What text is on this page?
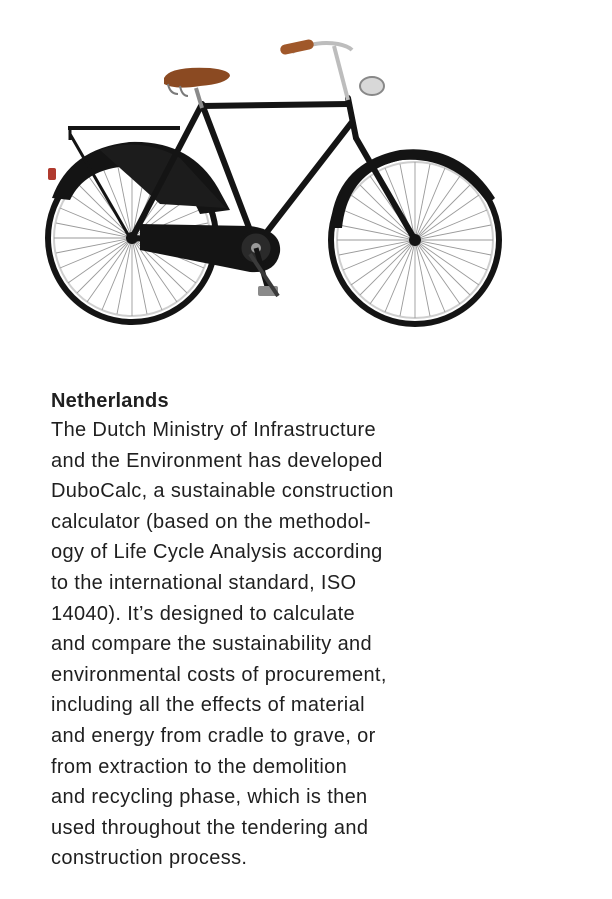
Netherlands

The Dutch Ministry of Infrastructure
and the Environment has developed
DuboCalc, a sustainable construction
calculator (based on the methodol-
ogy of Life Cycle Analysis according
to the international standard, ISO
14040). It’s designed to calculate
and compare the sustainability and
environmental costs of procurement,
including all the effects of material
and energy from cradle to grave, or
from extraction to the demolition
and recycling phase, which is then
used throughout the tendering and
construction process.
